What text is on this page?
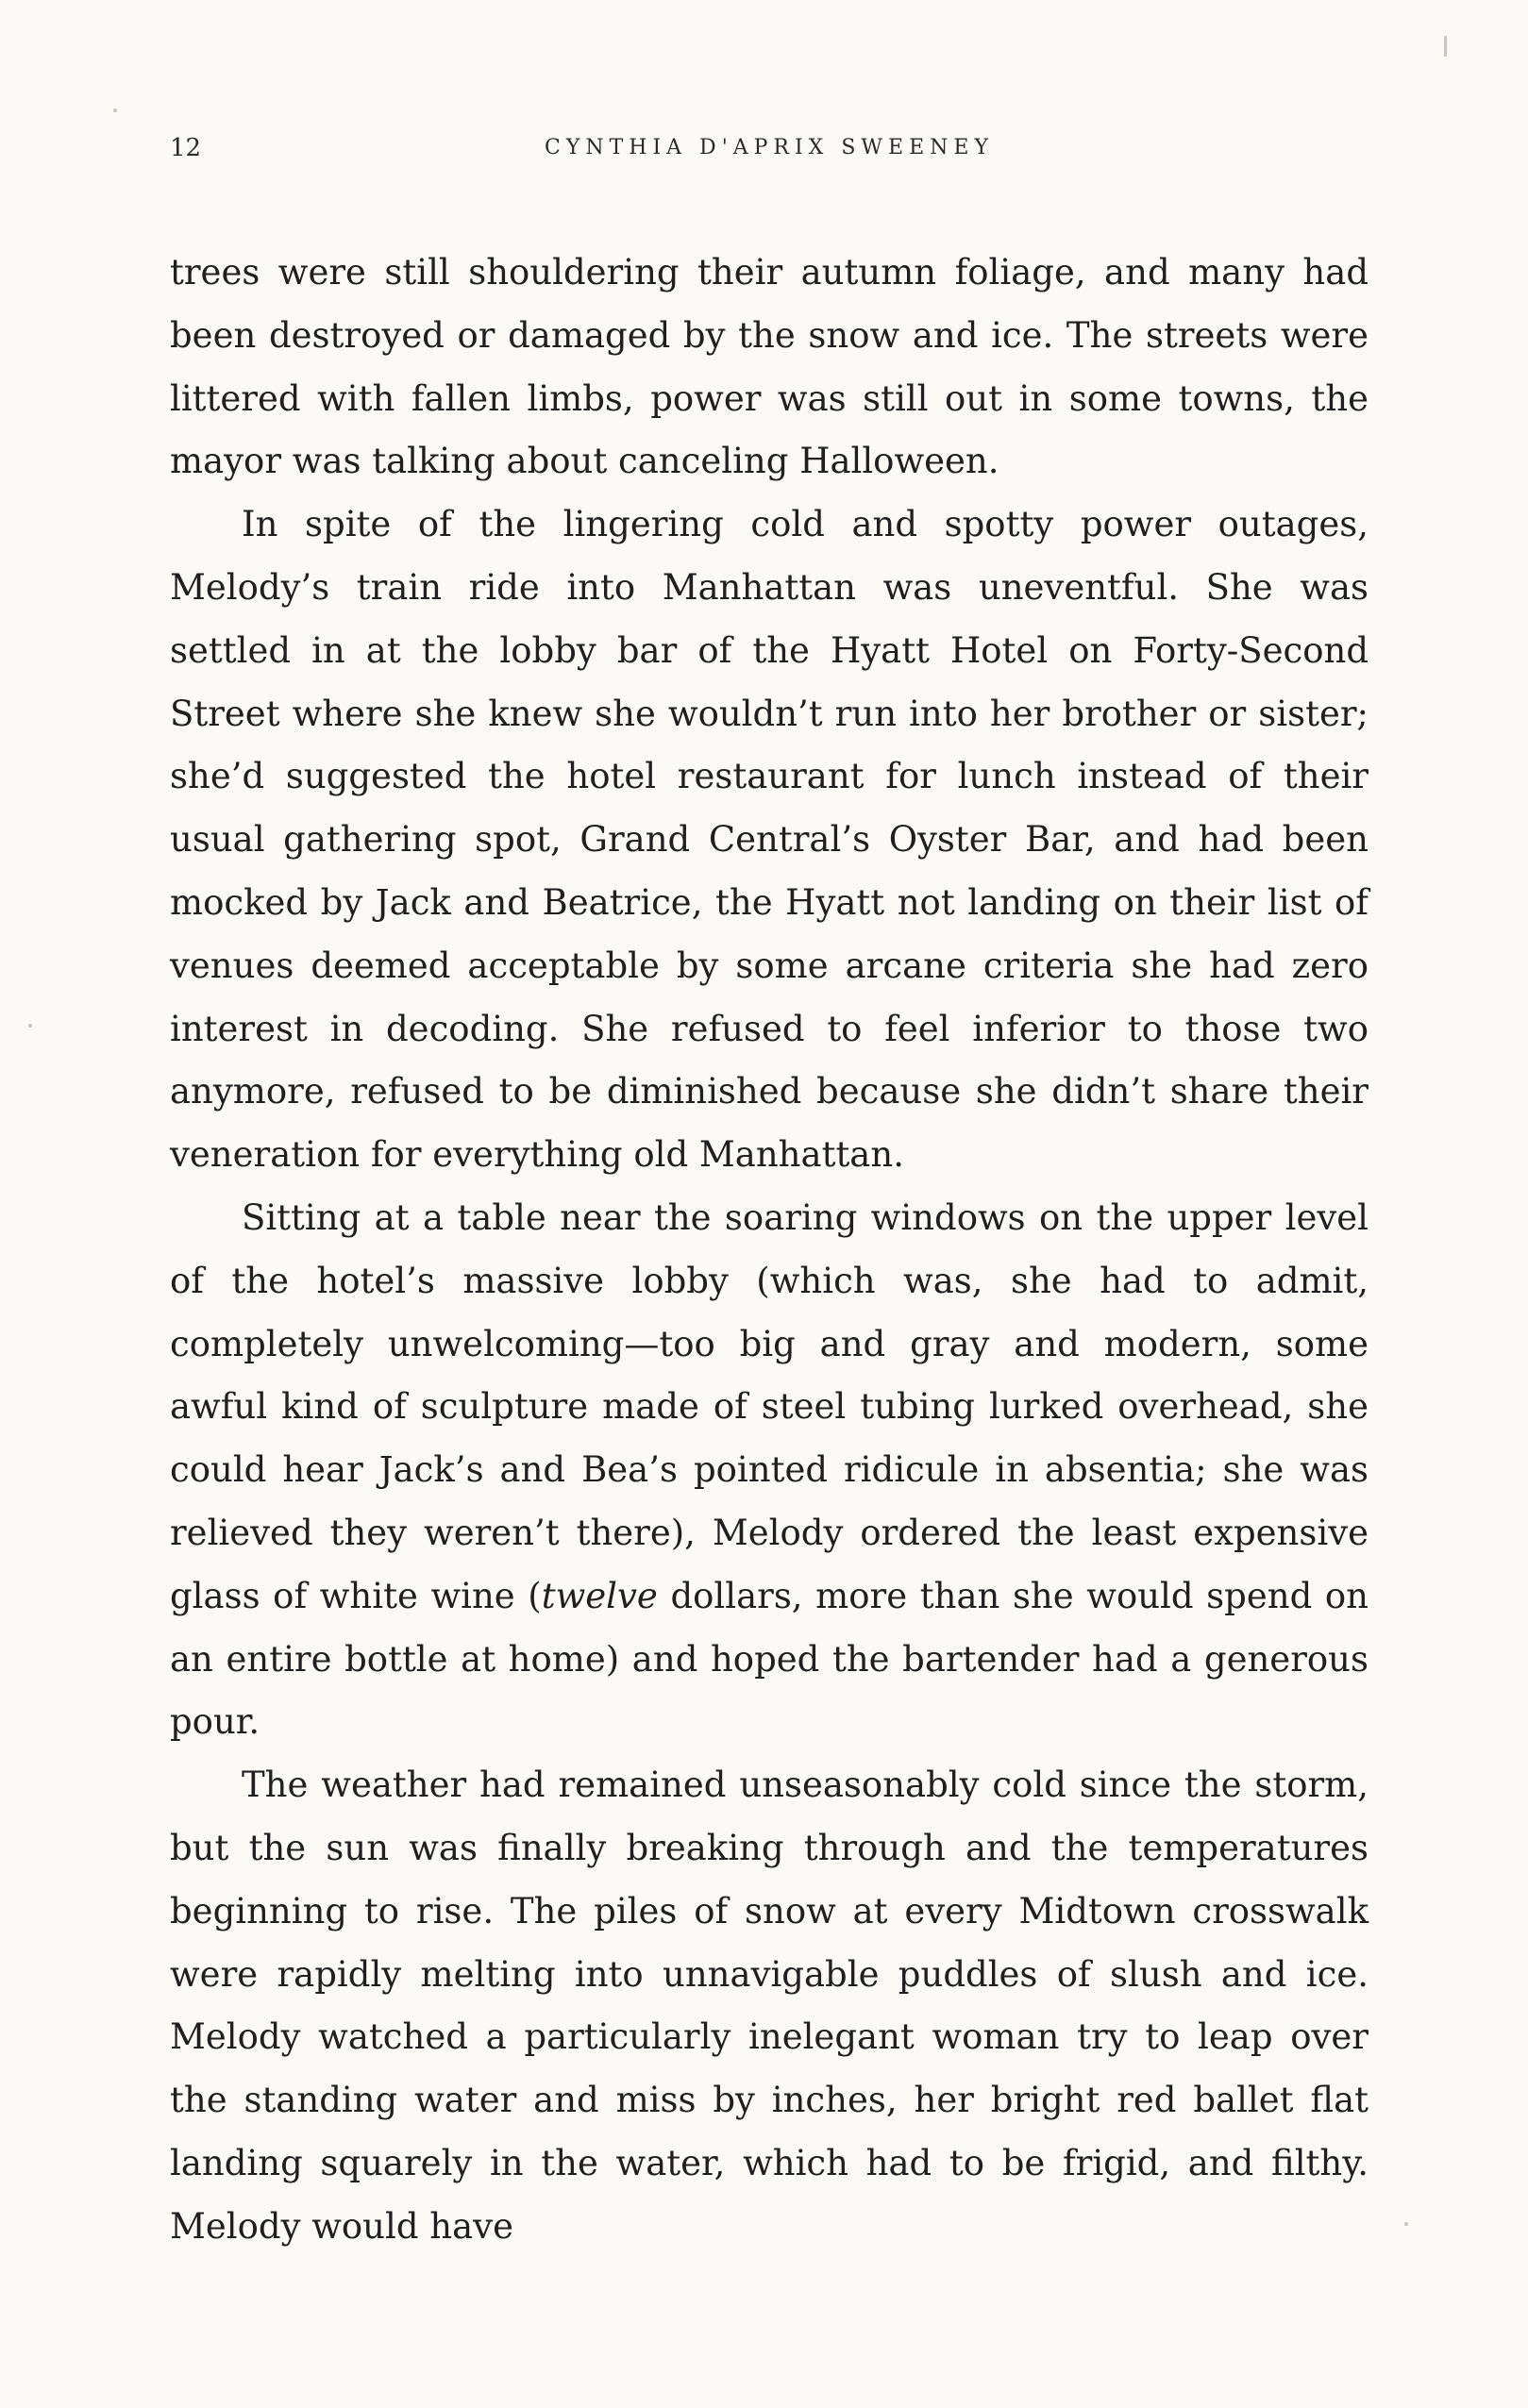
12	CYNTHIA D'APRIX SWEENEY

trees were still shouldering their autumn foliage, and many had been destroyed or damaged by the snow and ice. The streets were littered with fallen limbs, power was still out in some towns, the mayor was talking about canceling Halloween.

In spite of the lingering cold and spotty power outages, Melody’s train ride into Manhattan was uneventful. She was settled in at the lobby bar of the Hyatt Hotel on Forty-Second Street where she knew she wouldn’t run into her brother or sister; she’d suggested the hotel restaurant for lunch instead of their usual gathering spot, Grand Central’s Oyster Bar, and had been mocked by Jack and Beatrice, the Hyatt not landing on their list of venues deemed acceptable by some arcane criteria she had zero interest in decoding. She refused to feel inferior to those two anymore, refused to be diminished because she didn’t share their veneration for everything old Manhattan.

Sitting at a table near the soaring windows on the upper level of the hotel’s massive lobby (which was, she had to admit, completely unwelcoming—too big and gray and modern, some awful kind of sculpture made of steel tubing lurked overhead, she could hear Jack’s and Bea’s pointed ridicule in absentia; she was relieved they weren’t there), Melody ordered the least expensive glass of white wine (twelve dollars, more than she would spend on an entire bottle at home) and hoped the bartender had a generous pour.

The weather had remained unseasonably cold since the storm, but the sun was finally breaking through and the temperatures beginning to rise. The piles of snow at every Midtown crosswalk were rapidly melting into unnavigable puddles of slush and ice. Melody watched a particularly inelegant woman try to leap over the standing water and miss by inches, her bright red ballet flat landing squarely in the water, which had to be frigid, and filthy. Melody would have
